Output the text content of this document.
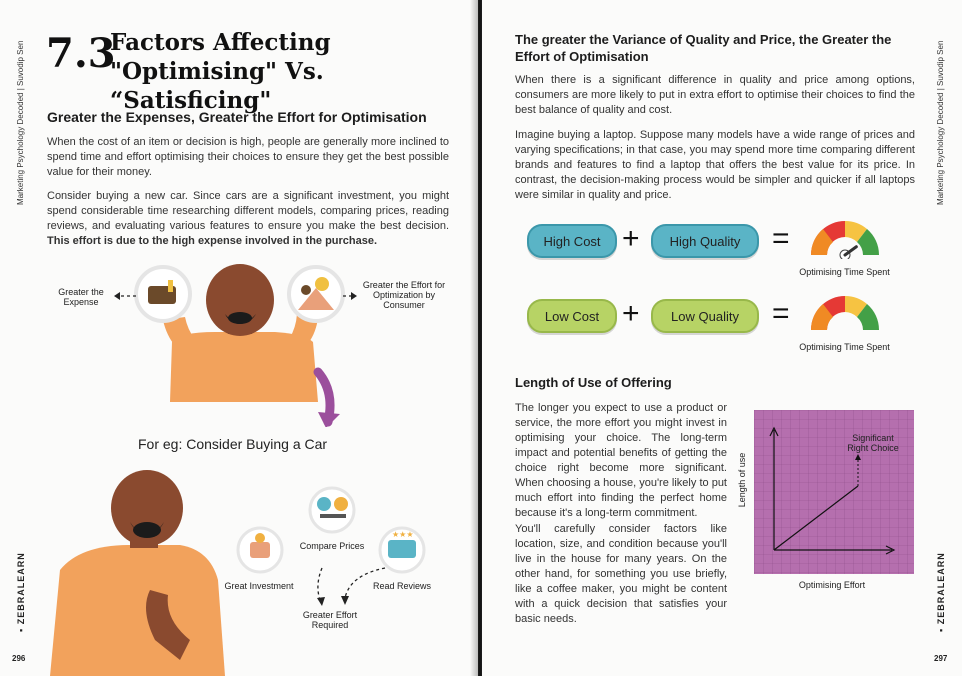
Marketing Psychology Decoded | Suvodip Sen
▪ ZEBRALEARN
296
7.3
Factors Affecting
"Optimising" Vs. “Satisficing"
Greater the Expenses, Greater the Effort for Optimisation

When the cost of an item or decision is high, people are generally more inclined to spend time and effort optimising their choices to ensure they get the best possible value for their money.

Consider buying a new car. Since cars are a significant investment, you might spend considerable time researching different models, comparing prices, reading reviews, and evaluating various features to ensure you make the best decision. This effort is due to the high expense involved in the purchase.

Greater the Expense
Greater the Effort for Optimization by Consumer
For eg: Consider Buying a Car
★★★
Compare Prices
Great Investment	Read Reviews
Greater Effort Required
Marketing Psychology Decoded | Suvodip Sen
▪ ZEBRALEARN
297
The greater the Variance of Quality and Price, the Greater the Effort of Optimisation

When there is a significant difference in quality and price among options, consumers are more likely to put in extra effort to optimise their choices to find the best balance of quality and cost.

Imagine buying a laptop. Suppose many models have a wide range of prices and varying specifications; in that case, you may spend more time comparing different brands and features to find a laptop that offers the best value for its price. In contrast, the decision-making process would be simpler and quicker if all laptops were similar in quality and price.

High Cost +	High Quality	=
Optimising Time Spent
Low Cost +	Low Quality	=
Optimising Time Spent
Length of Use of Offering

The longer you expect to use a product or service, the more effort you might invest in optimising your choice. The long-term impact and potential benefits of getting the choice right become more significant. When choosing a house, you're likely to put much effort into finding the perfect home because it's a long-term commitment.

You'll carefully consider factors like location, size, and condition because you'll live in the house for many years. On the other hand, for something you use briefly, like a coffee maker, you might be content with a quick decision that satisfies your basic needs.

Significant Right Choice
Length of use
Optimising Effort
